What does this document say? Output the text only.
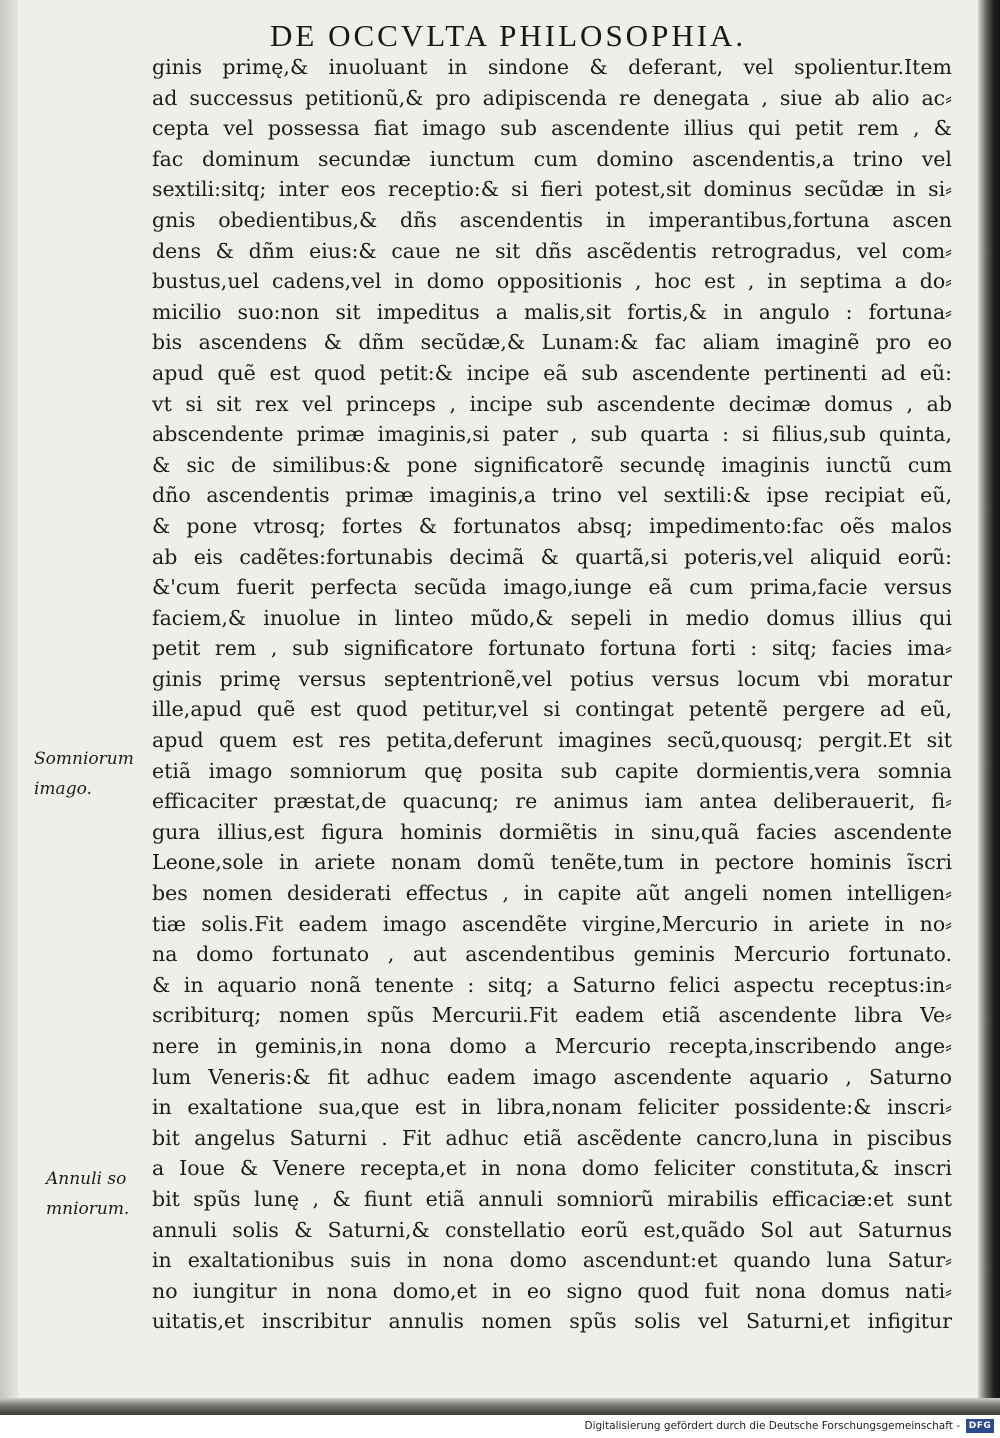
DE OCCVLTA PHILOSOPHIA.
ginis primę,& inuoluant in sindone & deferant, vel spolientur.Item
ad successus petitionũ,& pro adipiscenda re denegata , siue ab alio ac⸗
cepta vel possessa fiat imago sub ascendente illius qui petit rem , &
fac dominum secundæ iunctum cum domino ascendentis,a trino vel
sextili:sitq; inter eos receptio:& si fieri potest,sit dominus secũdæ in si⸗
gnis obedientibus,& dñs ascendentis in imperantibus,fortuna ascen
dens & dñm eius:& caue ne sit dñs ascẽdentis retrogradus, vel com⸗
bustus,uel cadens,vel in domo oppositionis , hoc est , in septima a do⸗
micilio suo:non sit impeditus a malis,sit fortis,& in angulo : fortuna⸗
bis ascendens & dñm secũdæ,& Lunam:& fac aliam imaginẽ pro eo
apud quẽ est quod petit:& incipe eã sub ascendente pertinenti ad eũ:
vt si sit rex vel princeps , incipe sub ascendente decimæ domus , ab
abscendente primæ imaginis,si pater , sub quarta : si filius,sub quinta,
& sic de similibus:& pone significatorẽ secundę imaginis iunctũ cum
dño ascendentis primæ imaginis,a trino vel sextili:& ipse recipiat eũ,
& pone vtrosq; fortes & fortunatos absq; impedimento:fac oẽs malos
ab eis cadẽtes:fortunabis decimã & quartã,si poteris,vel aliquid eorũ:
&'cum fuerit perfecta secũda imago,iunge eã cum prima,facie versus
faciem,& inuolue in linteo mũdo,& sepeli in medio domus illius qui
petit rem , sub significatore fortunato fortuna forti : sitq; facies ima⸗
ginis primę versus septentrionẽ,vel potius versus locum vbi moratur
ille,apud quẽ est quod petitur,vel si contingat petentẽ pergere ad eũ,
apud quem est res petita,deferunt imagines secũ,quousq; pergit.Et sit
etiã imago somniorum quę posita sub capite dormientis,vera somnia
efficaciter præstat,de quacunq; re animus iam antea deliberauerit, fi⸗
gura illius,est figura hominis dormiẽtis in sinu,quã facies ascendente
Leone,sole in ariete nonam domũ tenẽte,tum in pectore hominis ĩscri
bes nomen desiderati effectus , in capite aũt angeli nomen intelligen⸗
tiæ solis.Fit eadem imago ascendẽte virgine,Mercurio in ariete in no⸗
na domo fortunato , aut ascendentibus geminis Mercurio fortunato.
& in aquario nonã tenente : sitq; a Saturno felici aspectu receptus:in⸗
scribiturq; nomen spũs Mercurii.Fit eadem etiã ascendente libra Ve⸗
nere in geminis,in nona domo a Mercurio recepta,inscribendo ange⸗
lum Veneris:& fit adhuc eadem imago ascendente aquario , Saturno
in exaltatione sua,que est in libra,nonam feliciter possidente:& inscri⸗
bit angelus Saturni . Fit adhuc etiã ascẽdente cancro,luna in piscibus
a Ioue & Venere recepta,et in nona domo feliciter constituta,& inscri
bit spũs lunę , & fiunt etiã annuli somniorũ mirabilis efficaciæ:et sunt
annuli solis & Saturni,& constellatio eorũ est,quãdo Sol aut Saturnus
in exaltationibus suis in nona domo ascendunt:et quando luna Satur⸗
no iungitur in nona domo,et in eo signo quod fuit nona domus nati⸗
uitatis,et inscribitur annulis nomen spũs solis vel Saturni,et infigitur
Somniorum
imago.
Annuli so
mniorum.
Digitalisierung gefördert durch die Deutsche Forschungsgemeinschaft - DFG
